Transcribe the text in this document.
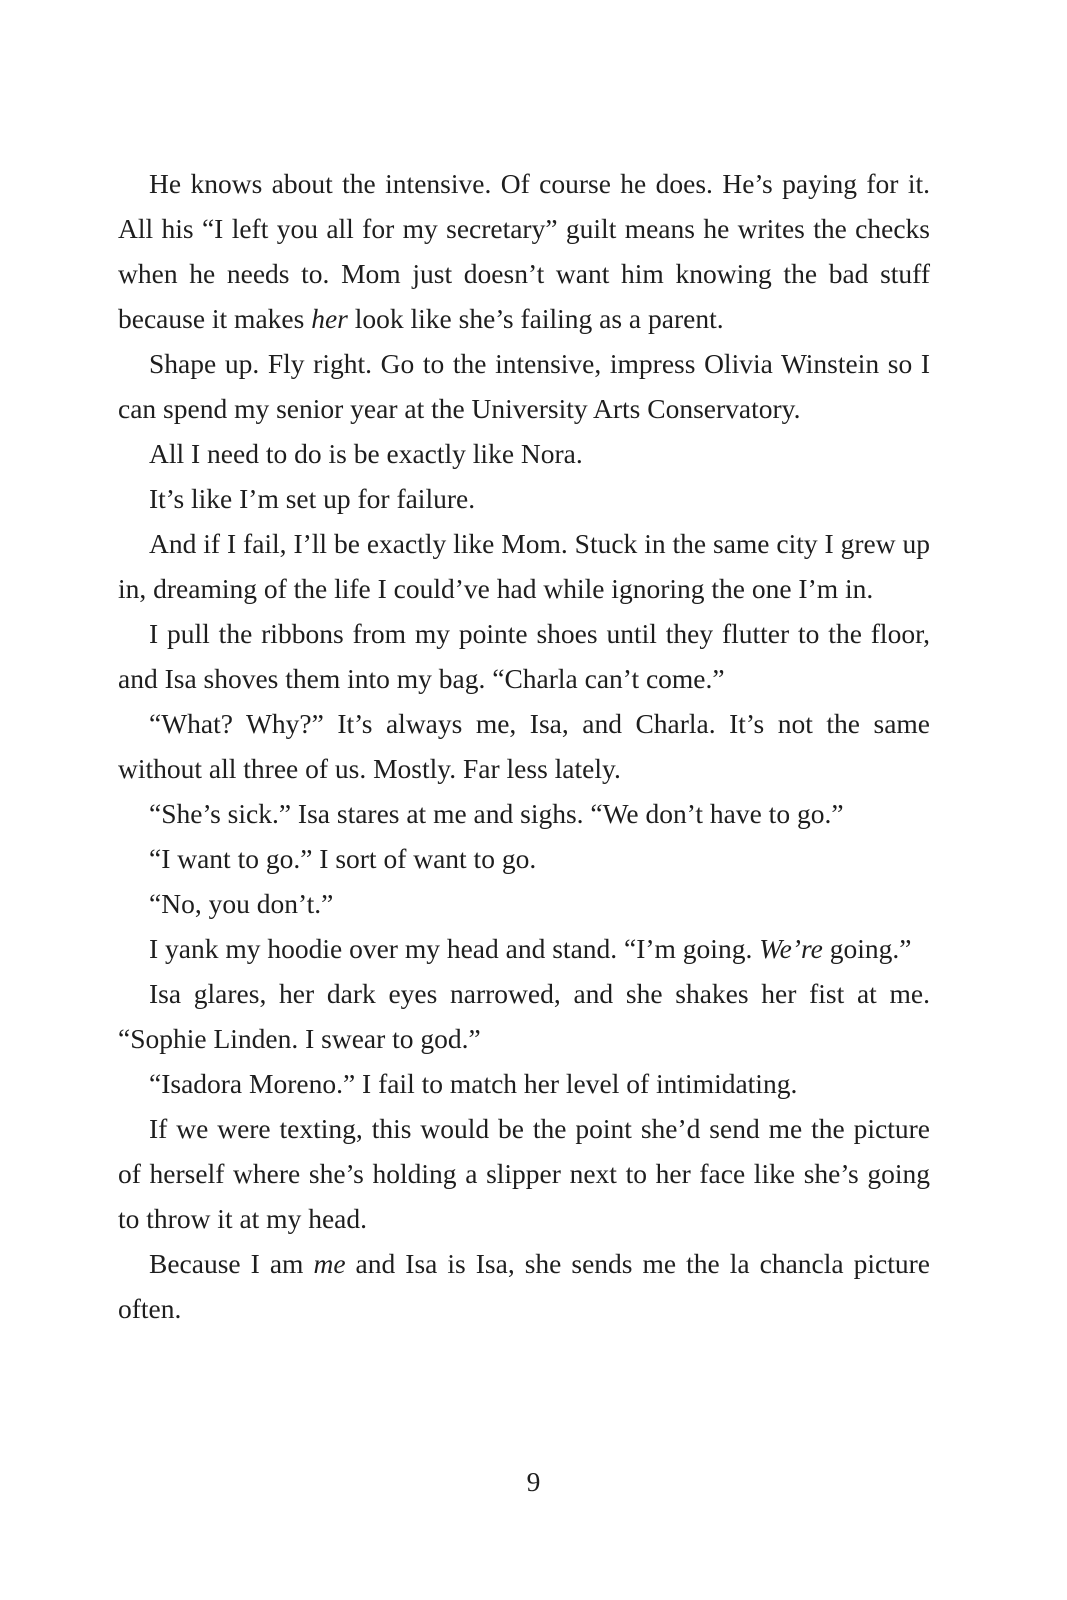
He knows about the intensive. Of course he does. He’s paying for it. All his “I left you all for my secretary” guilt means he writes the checks when he needs to. Mom just doesn’t want him knowing the bad stuff because it makes her look like she’s failing as a parent.

Shape up. Fly right. Go to the intensive, impress Olivia Winstein so I can spend my senior year at the University Arts Conservatory.

All I need to do is be exactly like Nora.

It’s like I’m set up for failure.

And if I fail, I’ll be exactly like Mom. Stuck in the same city I grew up in, dreaming of the life I could’ve had while ignoring the one I’m in.

I pull the ribbons from my pointe shoes until they flutter to the floor, and Isa shoves them into my bag. “Charla can’t come.”

“What? Why?” It’s always me, Isa, and Charla. It’s not the same without all three of us. Mostly. Far less lately.

“She’s sick.” Isa stares at me and sighs. “We don’t have to go.”

“I want to go.” I sort of want to go.

“No, you don’t.”

I yank my hoodie over my head and stand. “I’m going. We’re going.”

Isa glares, her dark eyes narrowed, and she shakes her fist at me. “Sophie Linden. I swear to god.”

“Isadora Moreno.” I fail to match her level of intimidating.

If we were texting, this would be the point she’d send me the picture of herself where she’s holding a slipper next to her face like she’s going to throw it at my head.

Because I am me and Isa is Isa, she sends me the la chancla picture often.

9
